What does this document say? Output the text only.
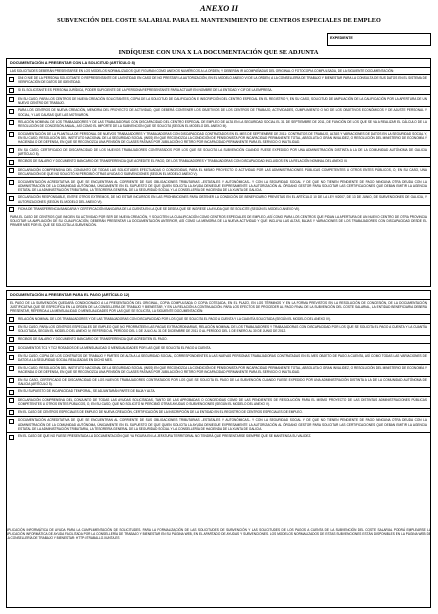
ANEXO II
SUBVENCIÓN DEL COSTE SALARIAL PARA EL MANTENIMIENTO DE CENTROS ESPECIALES DE EMPLEO
EXPEDIENTE
INDÍQUESE CON UNA X LA DOCUMENTACIÓN QUE SE ADJUNTA
DOCUMENTACIÓN A PRESENTAR CON LA SOLICITUD (ARTÍCULO 8)
LAS SOLICITUDES DEBERÁN PRESENTARSE EN LOS MODELOS NORMALIZADOS QUE FIGURAN COMO ANEXOS NUMÉRICOS A LA ORDEN, Y DEBERÁN IR ACOMPAÑADAS DEL ORIGINAL O FOTOCOPIA COMPULSADA, DE LA SIGUIENTE DOCUMENTACIÓN:
DNI O NIE DE LA PERSONA SOLICITANTE O REPRESENTANTE DE LA ENTIDAD EN CASO DE NO PRESTAR LA AUTORIZACIÓN, EN EL MODELO ANEXO VI DE LA ORDEN, A LA CONSELLERÍA DE TRABAJO Y BIENESTAR PARA LA CONSULTA DE SUS DATOS EN EL SISTEMA DE VERIFICACIÓN DE DATOS DE IDENTIDAD.
SI EL SOLICITANTE ES PERSONA JURÍDICA, PODER SUFICIENTE DE LA PERSONA REPRESENTANTE PARA ACTUAR EN NOMBRE DE LA ENTIDAD Y CIF DE LA EMPRESA.
EN SU CASO, PARA LOS CENTROS DE NUEVA CREACIÓN SOLICITANTES, COPIA DE LA SOLICITUD DE CALIFICACIÓN E INSCRIPCIÓN DEL CENTRO ESPECIAL EN EL REGISTRO Y, EN SU CASO, SOLICITUD DE AMPLIACIÓN DE LA CALIFICACIÓN POR LA APERTURA DE UN NUEVO CENTRO DE TRABAJO.
PARA LOS CENTROS DE NUEVA CREACIÓN, MEMORIA DEL PROYECTO DE ACTIVIDAD, QUE DEBERÁ CONTENER LOS OBJETIVOS DE LOS CENTROS DE TRABAJO, ACTIVIDADES, CUMPLIMIENTO O NO DE LOS OBJETIVOS ECONÓMICOS Y DE AJUSTE PERSONAL Y SOCIAL, Y LAS CAUSAS QUE LAS MOTIVARON.
RELACIÓN NOMINAL DE LOS TRABAJADORES Y DE LAS TRABAJADORAS CON DISCAPACIDAD DEL CENTRO ESPECIAL DE EMPLEO DE ALTA EN LA SEGURIDAD SOCIAL EL 31 DE SEPTIEMBRE DE 2011, DE FUNCIÓN DE LOS QUE SE VA A REALIZAR EL CÁLCULO DE LA RESOLUCIÓN DE CONCESIÓN ANUAL, ASÍ COMO EL IMPORTE DE LA SUBVENCIÓN QUE SE SOLICITA (SEGÚN EL MODELO DEL ANEXO III).
DOCUMENTACIÓN DE LA PLANTILLA DE PERSONAL DE NUEVOS TRABAJADORES Y TRABAJADORAS CON DISCAPACIDAD CONTRATADOS EN EL MES DE SEPTIEMBRE DE 2011: CONTRATOS DE TRABAJO, ALTAS Y VARIACIONES DE DATOS EN LA SEGURIDAD SOCIAL Y, EN SU CASO, RESOLUCIÓN DEL INSTITUTO NACIONAL DE LA SEGURIDAD SOCIAL (INSS) EN QUE RECONOZCA LA CONDICIÓN DE PENSIONISTA POR INCAPACIDAD PERMANENTE TOTAL, ABSOLUTA O GRAN INVALIDEZ, O RESOLUCIÓN DEL MINISTERIO DE ECONOMÍA Y HACIENDA O DE DEFENSA, EN QUE SE RECONOZCA UNA PENSIÓN DE CLASES PASIVAS POR JUBILACIÓN O RETIRO POR INCAPACIDAD PERMANENTE PARA EL SERVICIO O INUTILIDAD.
EN SU CASO, CERTIFICADO DE DISCAPACIDAD DE LOS NUEVOS TRABAJADORES CONTRATADOS POR LOS QUE SE SOLICITA LA SUBVENCIÓN CUANDO FUESE EXPEDIDO POR UNA ADMINISTRACIÓN DISTINTA A LA DE LA COMUNIDAD AUTÓNOMA DE GALICIA (ARTÍCULO 5).
RECIBOS DE SALARIO Y DOCUMENTO BANCARIO DE TRANSFERENCIA QUE ACREDITE EL PAGO, DE LOS TRABAJADORES Y TRABAJADORAS CON DISCAPACIDAD INCLUIDOS EN LA RELACIÓN NOMINAL DEL ANEXO III.
DECLARACIÓN COMPRENSIVA DEL CONJUNTO DE TODAS LAS SOLICITUDES EFECTUADAS O CONCEDIDAS, PARA EL MISMO PROYECTO O ACTIVIDAD POR LAS ADMINISTRACIONES PÚBLICAS COMPETENTES U OTROS ENTES PÚBLICOS, O, EN SU CASO, UNA DECLARACIÓN DE QUE NO SOLICITÓ NI PERCIBIÓ OTRAS AYUDAS O SUBVENCIONES (SEGÚN EL MODELO ANEXO V).
DOCUMENTACIÓN ACREDITATIVA DE QUE SE ENCUENTRAN AL CORRIENTE DE SUS OBLIGACIONES TRIBUTARIAS –ESTATALES Y AUTONÓMICAS– Y CON LA SEGURIDAD SOCIAL Y DE QUE NO TIENEN PENDIENTE DE PAGO NINGUNA OTRA DEUDA CON LA ADMINISTRACIÓN DE LA COMUNIDAD AUTÓNOMA, ÚNICAMENTE EN EL SUPUESTO DE QUE QUIEN SOLICITA LA AYUDA DENIEGUE EXPRESAMENTE LA AUTORIZACIÓN AL ÓRGANO GESTOR PARA SOLICITAR LAS CERTIFICACIONES QUE DEBAN EMITIR LA AGENCIA ESTATAL DE LA ADMINISTRACIÓN TRIBUTARIA, LA TESORERÍA GENERAL DE LA SEGURIDAD SOCIAL Y LA CONSELLERÍA DE HACIENDA DE LA XUNTA DE GALICIA.
DECLARACIÓN RESPONSABLE, ENTRE OTROS EXTREMOS, DE NO ESTAR INCURSOS EN LAS PROHIBICIONES PARA OBTENER LA CONDICIÓN DE BENEFICIARIO PREVISTAS EN EL ARTÍCULO 10 DE LA LEY 9/2007, DE 13 DE JUNIO, DE SUBVENCIONES DE GALICIA, Y AUTORIZACIONES (SEGÚN EL MODELO DEL ANEXO VI).
FICHA DE TRANSFERENCIA BANCARIA Y CERTIFICACIÓN BANCARIA DE LA CUENTA EN LA QUE SE DESEA QUE SE INGRESE LA AYUDA QUE SE SOLICITE (SEGÚN EL MODELO ANEXO VII).
PARA EL CASO DE CENTROS QUE INICIEN SU ACTIVIDAD POR SER DE NUEVA CREACIÓN, Y SOLICITEN LA CUALIFICACIÓN COMO CENTROS ESPECIALES DE EMPLEO, ASÍ COMO PARA LOS CENTROS QUE PIDAN LA APERTURA DE UN NUEVO CENTRO DE OTRA PROVINCIA SOLICITAR LA AMPLIACIÓN DE SU CUALIFICACIÓN, DEBERÁN PRESENTAR LA DOCUMENTACIÓN ANTERIOR, ASÍ COMO LA MEMORIA DE LA NUEVA ACTIVIDAD Y QUE INCLUYA LAS ALTAS, BAJAS Y VARIACIONES DE LOS TRABAJADORES CON DISCAPACIDAD DESDE EL PRIMER MES POR EL QUE SE SOLICITA LA SUBVENCIÓN.
DOCUMENTACIÓN A PRESENTAR PARA EL PAGO (ARTÍCULO 12)
EL PAGO DE LA SUBVENCIÓN QUEDARÁ CONDICIONADO A LA PRESENTACIÓN DEL ORIGINAL, COPIA COMPULSADA O COPIA COTEJADA, EN EL PLAZO, EN LOS TÉRMINOS Y EN LA FORMA PREVISTOS EN LA RESOLUCIÓN DE CONCESIÓN, DE LA DOCUMENTACIÓN JUSTIFICATIVA QUE SE ESPECIFICA EN LA ORDEN DE LA CONSELLERÍA DE TRABAJO Y BIENESTAR, Y EN LA RELACIÓN A CONTINUACIÓN. PARA LOS EFECTOS DE PROCEDER AL PAGO FINAL DE LA SUBVENCIÓN DEL COSTE SALARIAL, LA ENTIDAD BENEFICIARIA DEBERÁ PRESENTAR, REFERIDA A LA MENSUALIDAD O MENSUALIDADES POR LAS QUE SE SOLICITA, LA SIGUIENTE DOCUMENTACIÓN:
RELACIÓN NOMINAL DE LOS TRABAJADORES Y DE LAS TRABAJADORAS CON DISCAPACIDAD POR LOS QUE SE SOLICITA EL PAGO A CUENTA Y LA CUANTÍA SOLICITADA (SEGÚN EL MODELO DEL ANEXO IV).
EN SU CASO, PARA LOS CENTROS ESPECIALES DE EMPLEO QUE NO PRORRATEEN LAS PAGAS EXTRAORDINARIAS, RELACIÓN NOMINAL DE LOS TRABAJADORES Y TRABAJADORAS CON DISCAPACIDAD POR LOS QUE SE SOLICITA EL PAGO A CUENTA Y LA CUANTÍA SOLICITADA, SEGÚN EL MODELO DEL ANEXO IV, REFERIDO AL PERÍODO DEL 1 DE JULIO AL 31 DE DICIEMBRE DE 2011 O AL PERÍODO DEL 1 DE ENERO AL 30 DE JUNIO DE 2012.
RECIBOS DE SALARIO Y DOCUMENTO BANCARIO DE TRANSFERENCIA QUE ACREDITEN EL PAGO.
DOCUMENTOS TC1 Y TC2 ROSADOS DE LA MENSUALIDAD O MENSUALIDADES POR LAS QUE SE SOLICITA EL PAGO A CUENTA.
EN SU CASO, COPIA DE LOS CONTRATOS DE TRABAJO Y PARTES DE ALTA A LA SEGURIDAD SOCIAL, CORRESPONDIENTES A LAS NUEVAS PERSONAS TRABAJADORAS CONTRATADAS EN EL MES OBJETO DE PAGO A CUENTA, ASÍ COMO TODAS LAS VARIACIONES DE DATOS A LA SEGURIDAD SOCIAL REALIZADAS EN DICHO MES.
EN SU CASO, RESOLUCIÓN DEL INSTITUTO NACIONAL DE LA SEGURIDAD SOCIAL (INSS) EN QUE RECONOZCA LA CONDICIÓN DE PENSIONISTA POR INCAPACIDAD PERMANENTE TOTAL, ABSOLUTA O GRAN INVALIDEZ, O RESOLUCIÓN DEL MINISTERIO DE ECONOMÍA Y HACIENDA O DE DEFENSA, EN QUE SE RECONOZCA UNA PENSIÓN DE CLASES PASIVAS POR JUBILACIÓN O RETIRO POR INCAPACIDAD PERMANENTE PARA EL SERVICIO O INUTILIDAD.
EN SU CASO, CERTIFICADO DE DISCAPACIDAD DE LOS NUEVOS TRABAJADORES CONTRATADOS POR LOS QUE SE SOLICITA EL PAGO DE LA SUBVENCIÓN CUANDO FUESE EXPEDIDO POR UNA ADMINISTRACIÓN DISTINTA A LA DE LA COMUNIDAD AUTÓNOMA DE GALICIA (ARTÍCULO 5).
EN SU SUPUESTO DE INCAPACIDAD TEMPORAL, SE ADJUNTARÁN PARTE DE BAJA Y ALTA.
DECLARACIÓN COMPRENSIVA DEL CONJUNTO DE TODAS LAS AYUDAS SOLICITADAS, TANTO DE LAS APROBADAS O CONCEDIDAS COMO DE LAS PENDIENTES DE RESOLUCIÓN PARA EL MISMO PROYECTO DE LAS DISTINTAS ADMINISTRACIONES PÚBLICAS COMPETENTES U OTROS ENTES PÚBLICOS, O, EN SU CASO, QUE NO SOLICITÓ NI PERCIBIÓ OTRAS AYUDAS O SUBVENCIONES (SEGÚN EL MODELO DEL ANEXO V).
EN EL CASO DE CENTROS ESPECIALES DE EMPLEO DE NUEVA CREACIÓN, CERTIFICACIÓN DE LA INSCRIPCIÓN DE LA ENTIDAD EN EL REGISTRO DE CENTROS ESPECIALES DE EMPLEO.
DOCUMENTACIÓN ACREDITATIVA DE QUE SE ENCUENTRAN AL CORRIENTE DE SUS OBLIGACIONES TRIBUTARIAS –ESTATALES Y AUTONÓMICAS– Y CON LA SEGURIDAD SOCIAL Y DE QUE NO TIENEN PENDIENTE DE PAGO NINGUNA OTRA DEUDA CON LA ADMINISTRACIÓN DE LA COMUNIDAD AUTÓNOMA, ÚNICAMENTE EN EL SUPUESTO DE QUE QUIEN SOLICITA LA AYUDA DENIEGUE EXPRESAMENTE LA AUTORIZACIÓN AL ÓRGANO GESTOR PARA SOLICITAR LAS CERTIFICACIONES QUE DEBAN EMITIR LA AGENCIA ESTATAL DE LA ADMINISTRACIÓN TRIBUTARIA, LA TESORERÍA GENERAL DE LA SEGURIDAD SOCIAL Y LA CONSELLERÍA DE HACIENDA DE LA XUNTA DE GALICIA.
EN EL CASO DE QUE NO FUESE PRESENTADA LA DOCUMENTACIÓN QUE YA FIGURA EN LA JEFATURA TERRITORIAL NO TENDRÁ QUE PRESENTARSE SIEMPRE QUE SE MANTENGA SU VALIDEZ.
APLICACIÓN INFORMÁTICA DE AYUDA PARA LA CUMPLIMENTACIÓN DE SOLICITUDES. PARA LA FORMALIZACIÓN DE LAS SOLICITUDES DE SUBVENCIÓN Y LAS SOLICITUDES DE LOS PAGOS A CUENTA DE LA SUBVENCIÓN DEL COSTE SALARIAL PODRÁ EMPLEARSE LA APLICACIÓN INFORMÁTICA DE AYUDA FACILITADA POR LA CONSELLERÍA DE TRABAJO Y BIENESTAR EN SU PÁGINA WEB, EN EL APARTADO DE AYUDAS Y SUBVENCIONES. LOS MODELOS NORMALIZADOS DE ESTAS SUBVENCIONES ESTÁN DISPONIBLES EN LA PÁGINA WEB DE LA CONSELLERÍA DE TRABAJO Y BIENESTAR: HTTP://TRABALLO.XUNTA.ES
